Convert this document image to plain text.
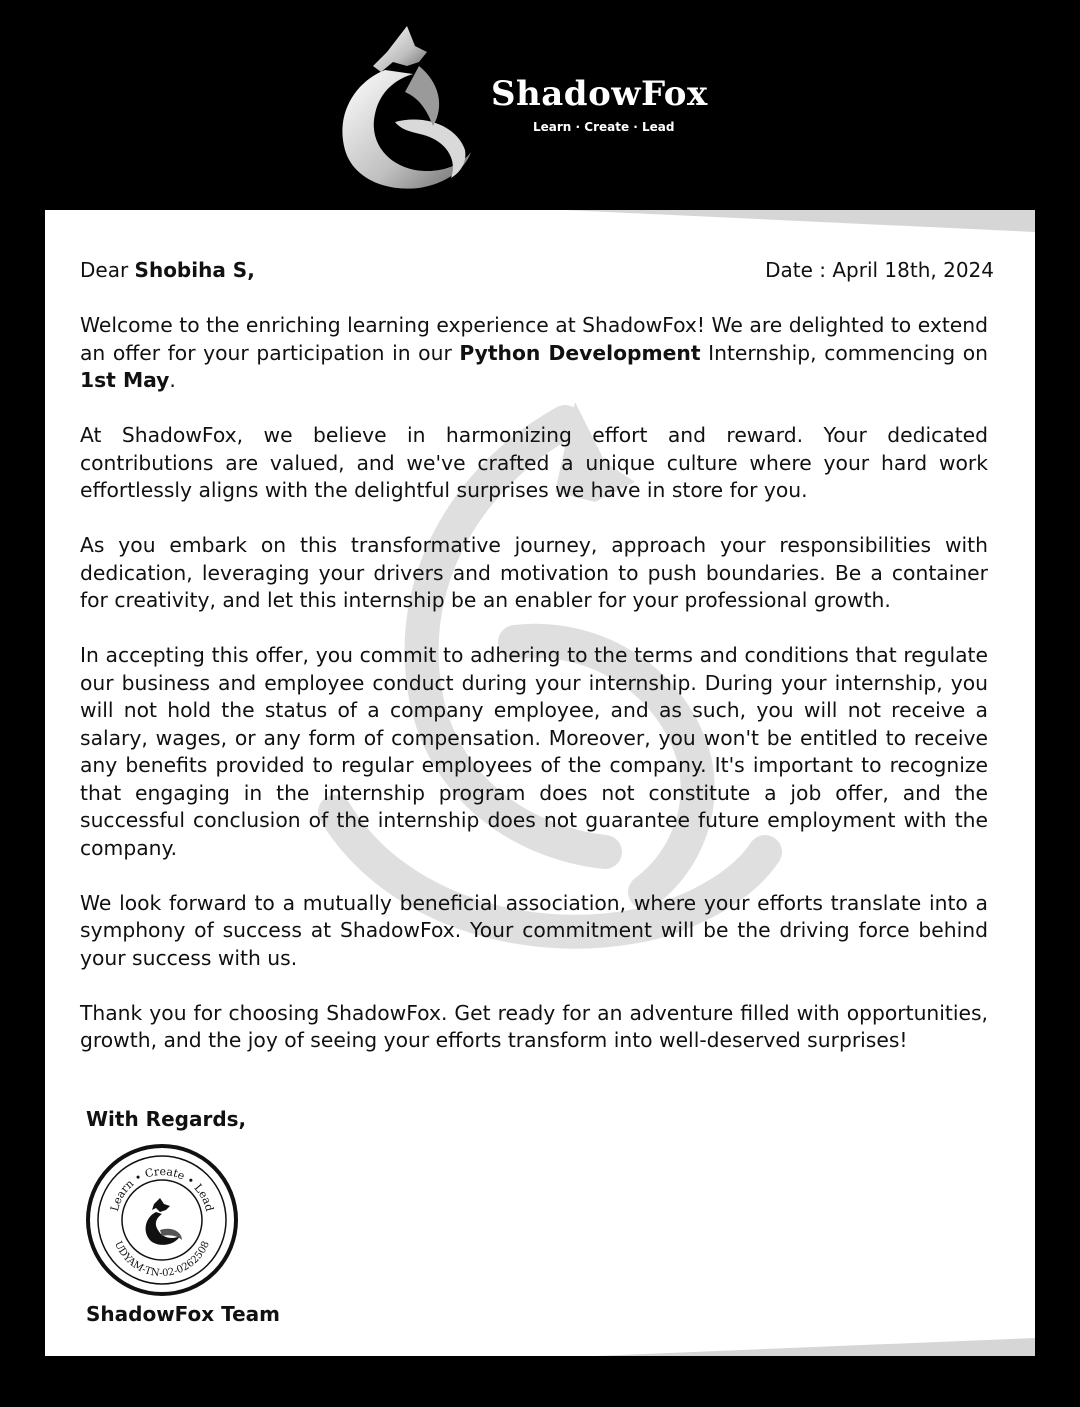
ShadowFox
Learn · Create · Lead
Dear Shobiha S,	Date : April 18th, 2024

Welcome to the enriching learning experience at ShadowFox! We are delighted to extend an offer for your participation in our Python Development Internship, commencing on 1st May.

At ShadowFox, we believe in harmonizing effort and reward. Your dedicated contributions are valued, and we've crafted a unique culture where your hard work effortlessly aligns with the delightful surprises we have in store for you.

As you embark on this transformative journey, approach your responsibilities with dedication, leveraging your drivers and motivation to push boundaries. Be a container for creativity, and let this internship be an enabler for your professional growth.

In accepting this offer, you commit to adhering to the terms and conditions that regulate our business and employee conduct during your internship. During your internship, you will not hold the status of a company employee, and as such, you will not receive a salary, wages, or any form of compensation. Moreover, you won't be entitled to receive any benefits provided to regular employees of the company. It's important to recognize that engaging in the internship program does not constitute a job offer, and the successful conclusion of the internship does not guarantee future employment with the company.

We look forward to a mutually beneficial association, where your efforts translate into a symphony of success at ShadowFox. Your commitment will be the driving force behind your success with us.

Thank you for choosing ShadowFox. Get ready for an adventure filled with opportunities, growth, and the joy of seeing your efforts transform into well-deserved surprises!

With Regards,
Learn • Create • Lead
UDYAM-TN-02-0262508
ShadowFox Team
